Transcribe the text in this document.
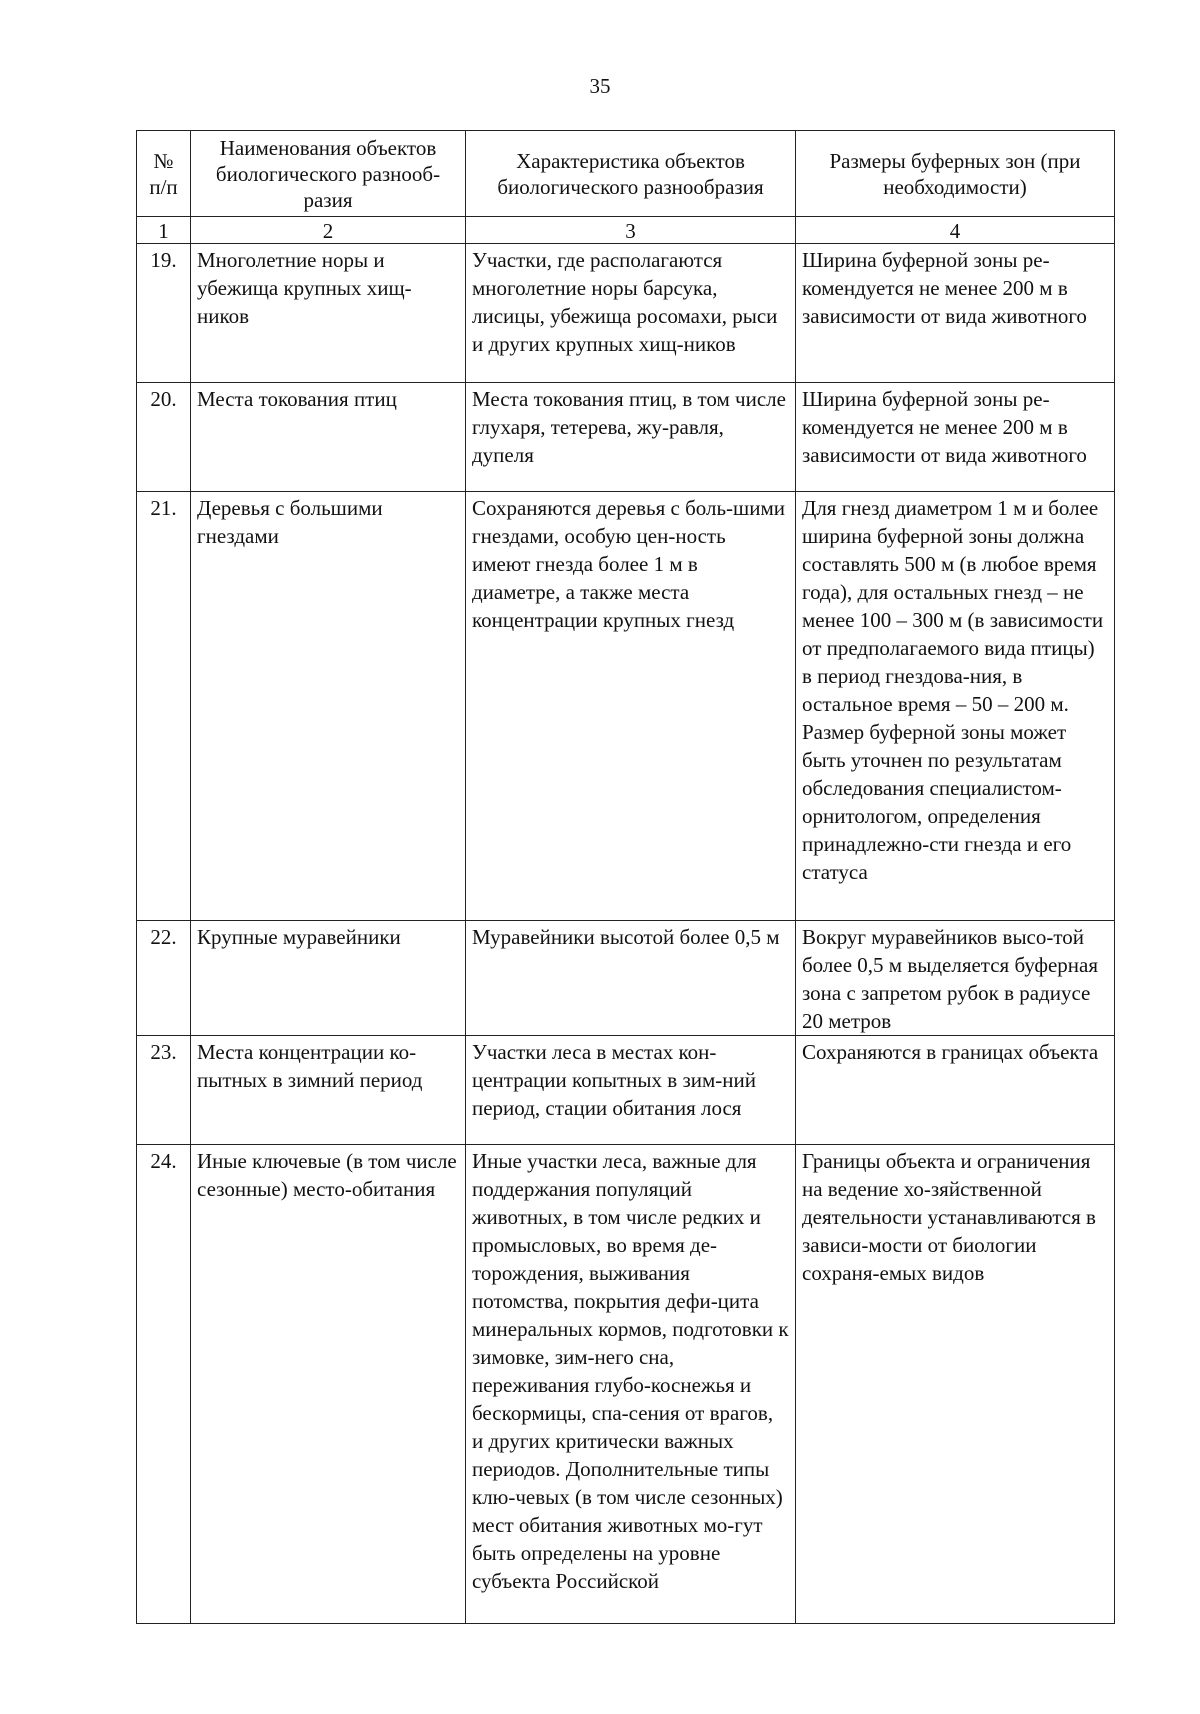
35
№ п/п	Наименования объектов биологического разнооб-разия	Характеристика объектов биологического разнообразия	Размеры буферных зон (при необходимости)
1	2	3	4
19.	Многолетние норы и убежища крупных хищ-ников	Участки, где располагаются многолетние норы барсука, лисицы, убежища росомахи, рыси и других крупных хищ-ников	Ширина буферной зоны ре-комендуется не менее 200 м в зависимости от вида животного
20.	Места токования птиц	Места токования птиц, в том числе глухаря, тетерева, жу-равля, дупеля	Ширина буферной зоны ре-комендуется не менее 200 м в зависимости от вида животного
21.	Деревья с большими гнездами	Сохраняются деревья с боль-шими гнездами, особую цен-ность имеют гнезда более 1 м в диаметре, а также места концентрации крупных гнезд	Для гнезд диаметром 1 м и более ширина буферной зоны должна составлять 500 м (в любое время года), для остальных гнезд – не менее 100 – 300 м (в зависимости от предполагаемого вида птицы) в период гнездова-ния, в остальное время – 50 – 200 м. Размер буферной зоны может быть уточнен по результатам обследования специалистом-орнитологом, определения принадлежно-сти гнезда и его статуса
22.	Крупные муравейники	Муравейники высотой более 0,5 м	Вокруг муравейников высо-той более 0,5 м выделяется буферная зона с запретом рубок в радиусе 20 метров
23.	Места концентрации ко-пытных в зимний период	Участки леса в местах кон-центрации копытных в зим-ний период, стации обитания лося	Сохраняются в границах объекта
24.	Иные ключевые (в том числе сезонные) место-обитания	Иные участки леса, важные для поддержания популяций животных, в том числе редких и промысловых, во время де-торождения, выживания потомства, покрытия дефи-цита минеральных кормов, подготовки к зимовке, зим-него сна, переживания глубо-коснежья и бескормицы, спа-сения от врагов, и других критически важных периодов. Дополнительные типы клю-чевых (в том числе сезонных) мест обитания животных мо-гут быть определены на уровне субъекта Российской	Границы объекта и ограничения на ведение хо-зяйственной деятельности устанавливаются в зависи-мости от биологии сохраня-емых видов
